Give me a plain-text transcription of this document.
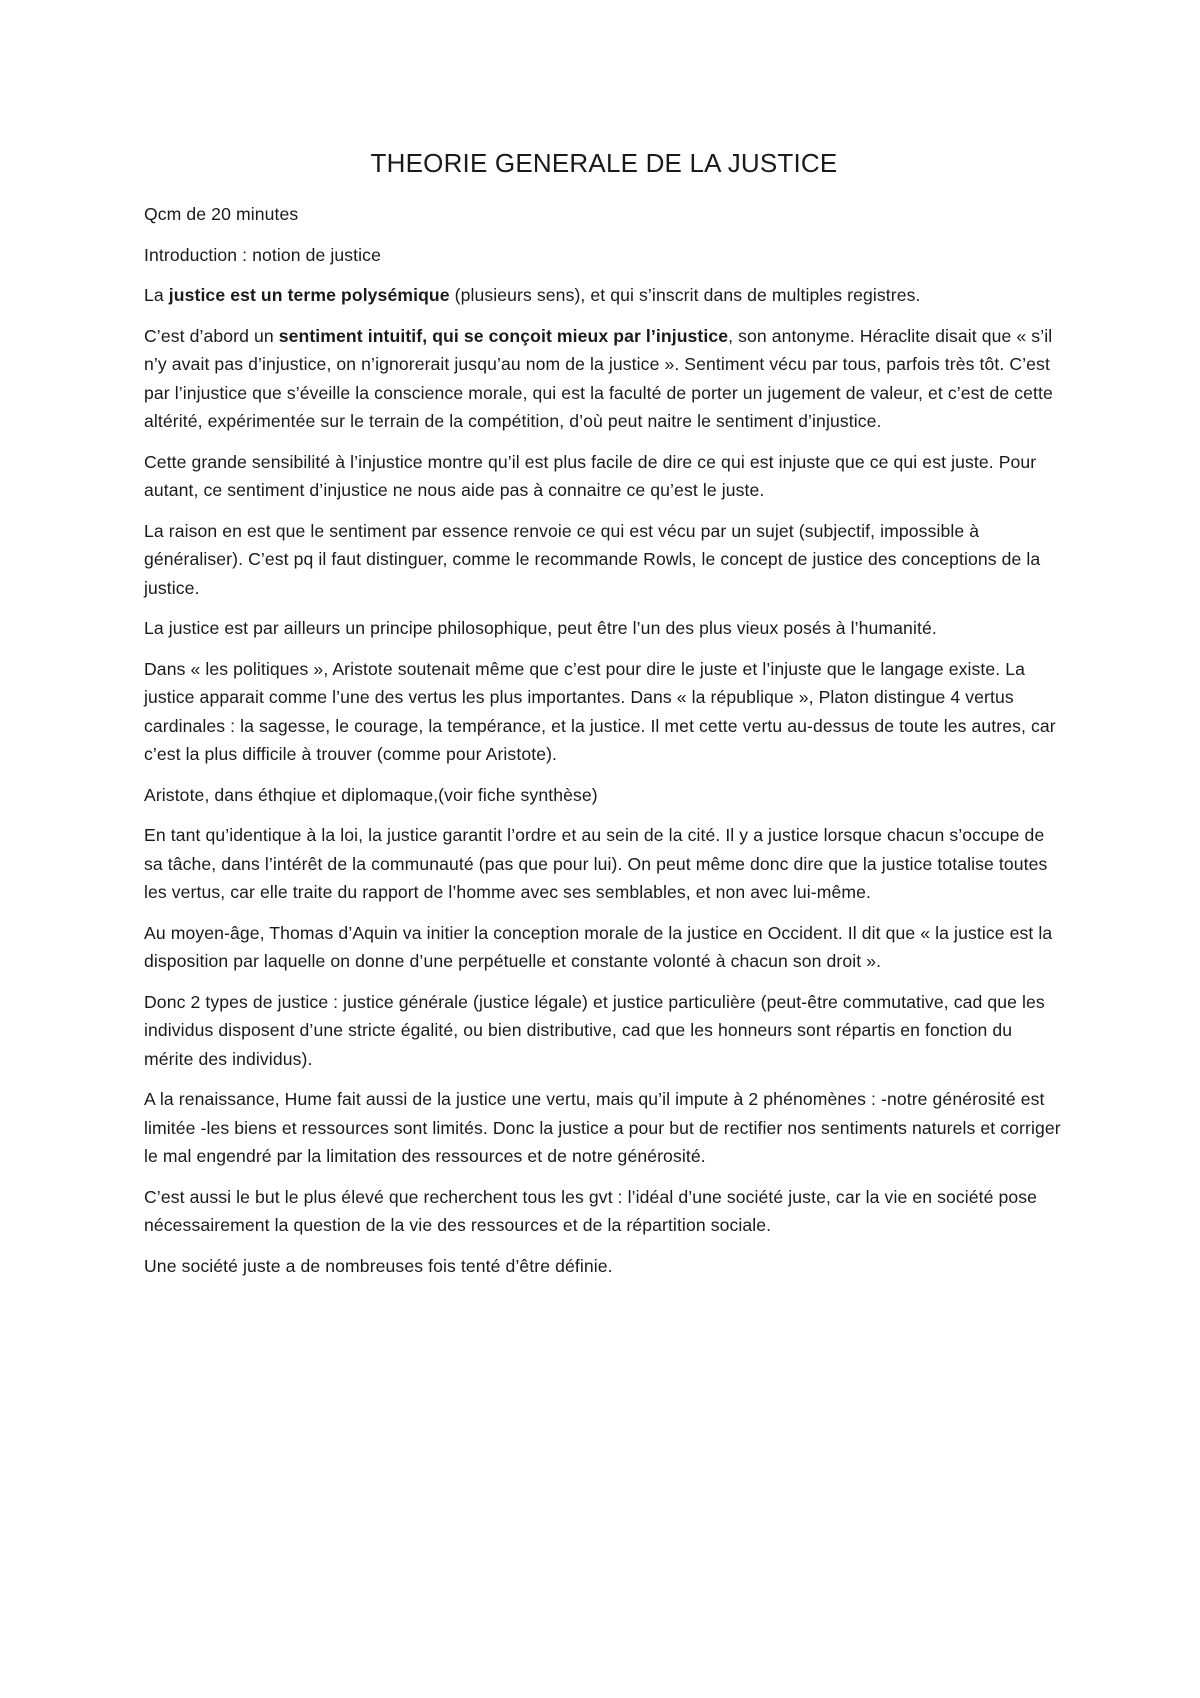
THEORIE GENERALE DE LA JUSTICE

Qcm de 20 minutes

Introduction : notion de justice

La justice est un terme polysémique (plusieurs sens), et qui s’inscrit dans de multiples registres.

C’est d’abord un sentiment intuitif, qui se conçoit mieux par l’injustice, son antonyme. Héraclite disait que « s’il n’y avait pas d’injustice, on n’ignorerait jusqu’au nom de la justice ». Sentiment vécu par tous, parfois très tôt. C’est par l’injustice que s’éveille la conscience morale, qui est la faculté de porter un jugement de valeur, et c’est de cette altérité, expérimentée sur le terrain de la compétition, d’où peut naitre le sentiment d’injustice.

Cette grande sensibilité à l’injustice montre qu’il est plus facile de dire ce qui est injuste que ce qui est juste. Pour autant, ce sentiment d’injustice ne nous aide pas à connaitre ce qu’est le juste.

La raison en est que le sentiment par essence renvoie ce qui est vécu par un sujet (subjectif, impossible à généraliser). C’est pq il faut distinguer, comme le recommande Rowls, le concept de justice des conceptions de la justice.

La justice est par ailleurs un principe philosophique, peut être l’un des plus vieux posés à l’humanité.

Dans « les politiques », Aristote soutenait même que c’est pour dire le juste et l’injuste que le langage existe. La justice apparait comme l’une des vertus les plus importantes. Dans « la république », Platon distingue 4 vertus cardinales : la sagesse, le courage, la tempérance, et la justice. Il met cette vertu au-dessus de toute les autres, car c’est la plus difficile à trouver (comme pour Aristote).

Aristote, dans éthqiue et diplomaque,(voir fiche synthèse)

En tant qu’identique à la loi, la justice garantit l’ordre et au sein de la cité. Il y a justice lorsque chacun s’occupe de sa tâche, dans l’intérêt de la communauté (pas que pour lui). On peut même donc dire que la justice totalise toutes les vertus, car elle traite du rapport de l’homme avec ses semblables, et non avec lui-même.

Au moyen-âge, Thomas d’Aquin va initier la conception morale de la justice en Occident. Il dit que « la justice est la disposition par laquelle on donne d’une perpétuelle et constante volonté à chacun son droit ».

Donc 2 types de justice : justice générale (justice légale) et justice particulière (peut-être commutative, cad que les individus disposent d’une stricte égalité, ou bien distributive, cad que les honneurs sont répartis en fonction du mérite des individus).

A la renaissance, Hume fait aussi de la justice une vertu, mais qu’il impute à 2 phénomènes : -notre générosité est limitée -les biens et ressources sont limités. Donc la justice a pour but de rectifier nos sentiments naturels et corriger le mal engendré par la limitation des ressources et de notre générosité.

C’est aussi le but le plus élevé que recherchent tous les gvt : l’idéal d’une société juste, car la vie en société pose nécessairement la question de la vie des ressources et de la répartition sociale.

Une société juste a de nombreuses fois tenté d’être définie.
